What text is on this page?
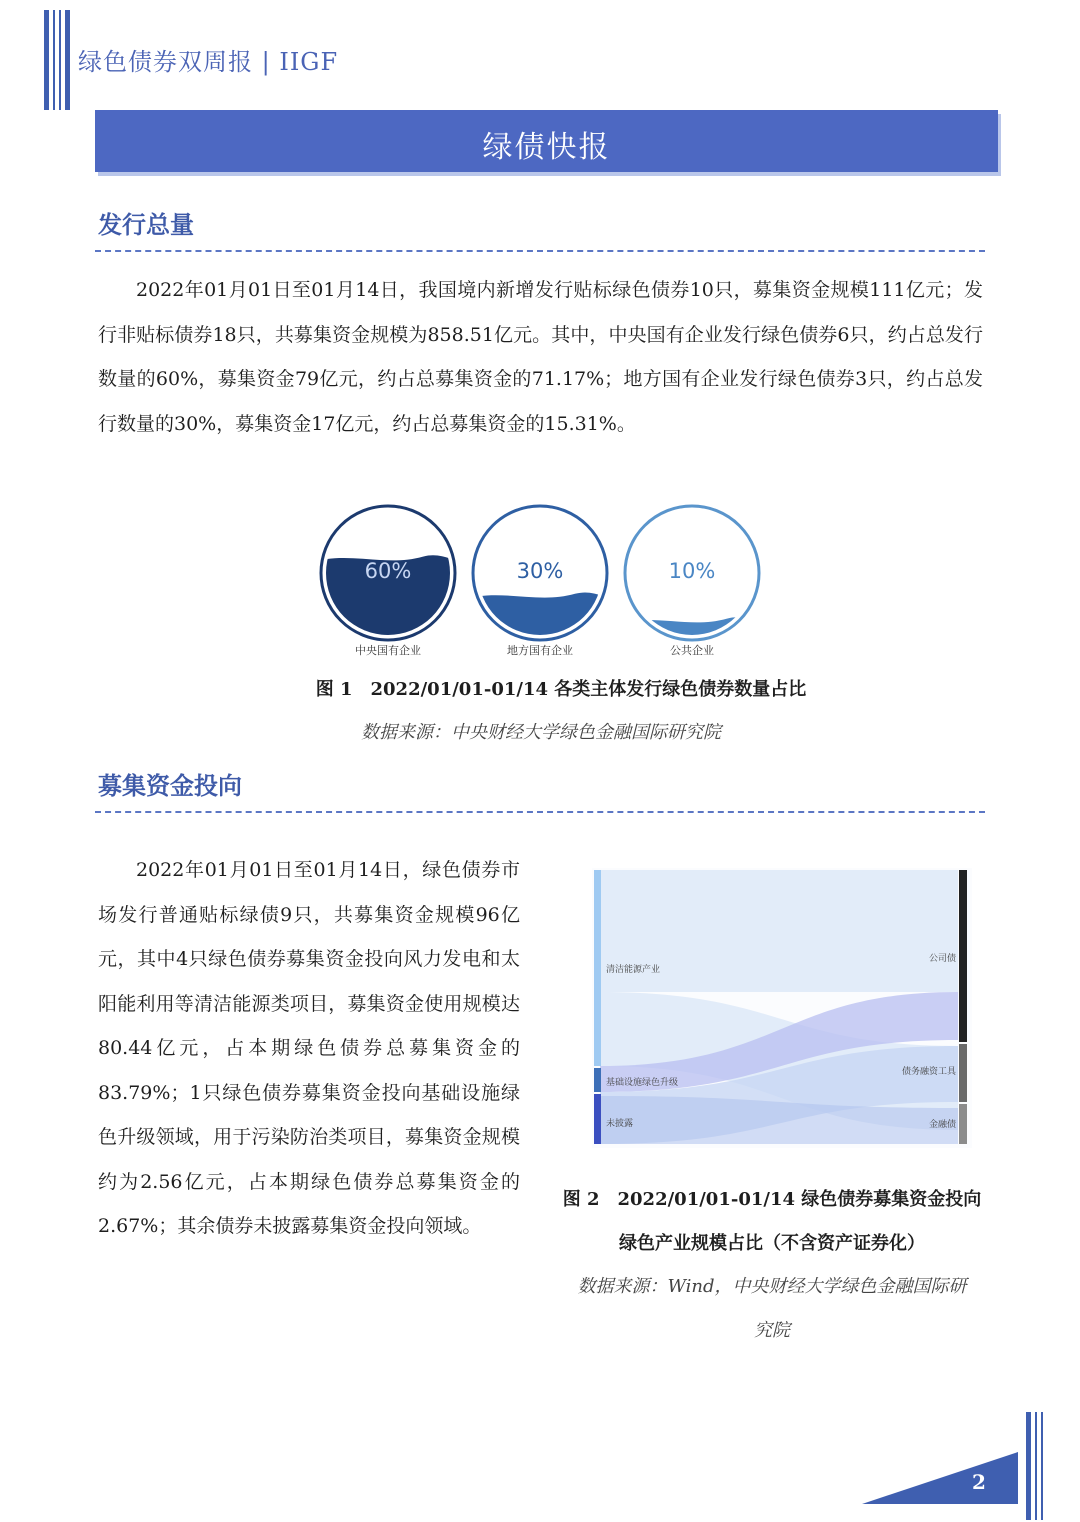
绿色债券双周报 | IIGF
绿债快报
发行总量

2022年01月01日至01月14日，我国境内新增发行贴标绿色债券10只，募集资金规模111亿元；发行非贴标债券18只，共募集资金规模为858.51亿元。其中，中央国有企业发行绿色债券6只，约占总发行数量的60%，募集资金79亿元，约占总募集资金的71.17%；地方国有企业发行绿色债券3只，约占总发行数量的30%，募集资金17亿元，约占总募集资金的15.31%。

60%
中央国有企业
30%
地方国有企业
10%
公共企业
图 1　2022/01/01-01/14 各类主体发行绿色债券数量占比
数据来源：中央财经大学绿色金融国际研究院
募集资金投向

2022年01月01日至01月14日，绿色债券市场发行普通贴标绿债9只，共募集资金规模96亿元，其中4只绿色债券募集资金投向风力发电和太阳能利用等清洁能源类项目，募集资金使用规模达80.44亿元，占本期绿色债券总募集资金的83.79%；1只绿色债券募集资金投向基础设施绿色升级领域，用于污染防治类项目，募集资金规模约为2.56亿元，占本期绿色债券总募集资金的2.67%；其余债券未披露募集资金投向领域。

清洁能源产业
基础设施绿色升级
未披露
公司债
债务融资工具
金融债
图 2　2022/01/01-01/14 绿色债券募集资金投向
绿色产业规模占比（不含资产证券化）
数据来源：Wind，中央财经大学绿色金融国际研
究院
2
